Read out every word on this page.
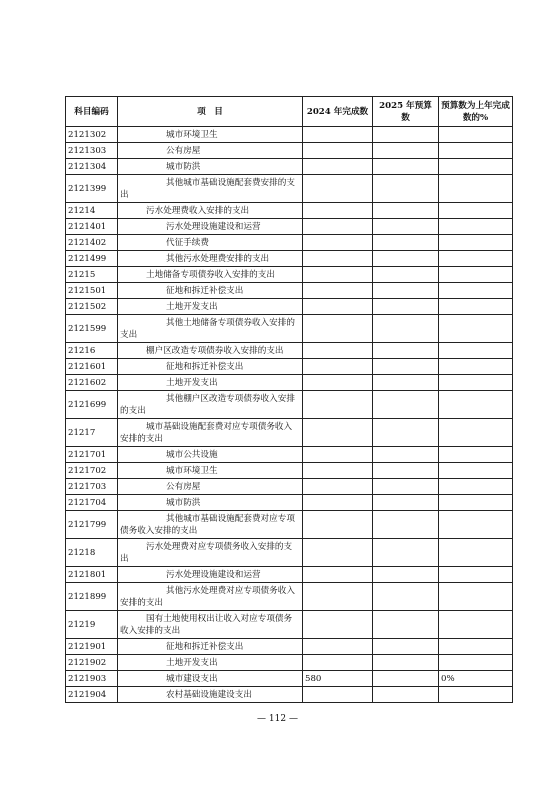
科目编码	项　目	2024 年完成数	2025 年预算数	预算数为上年完成数的%
2121302	城市环境卫生			

2121303	公有房屋			

2121304	城市防洪			

2121399	其他城市基础设施配套费安排的支出			

21214	污水处理费收入安排的支出			

2121401	污水处理设施建设和运营			

2121402	代征手续费			

2121499	其他污水处理费安排的支出			

21215	土地储备专项债券收入安排的支出			

2121501	征地和拆迁补偿支出			

2121502	土地开发支出			

2121599	其他土地储备专项债券收入安排的支出			

21216	棚户区改造专项债券收入安排的支出			

2121601	征地和拆迁补偿支出			

2121602	土地开发支出			

2121699	其他棚户区改造专项债券收入安排的支出			

21217	城市基础设施配套费对应专项债务收入安排的支出			

2121701	城市公共设施			

2121702	城市环境卫生			

2121703	公有房屋			

2121704	城市防洪			

2121799	其他城市基础设施配套费对应专项债务收入安排的支出			

21218	污水处理费对应专项债务收入安排的支出			

2121801	污水处理设施建设和运营			

2121899	其他污水处理费对应专项债务收入安排的支出			

21219	国有土地使用权出让收入对应专项债务收入安排的支出			

2121901	征地和拆迁补偿支出			

2121902	土地开发支出			

2121903	城市建设支出	580		0%
2121904	农村基础设施建设支出			

— 112 —
